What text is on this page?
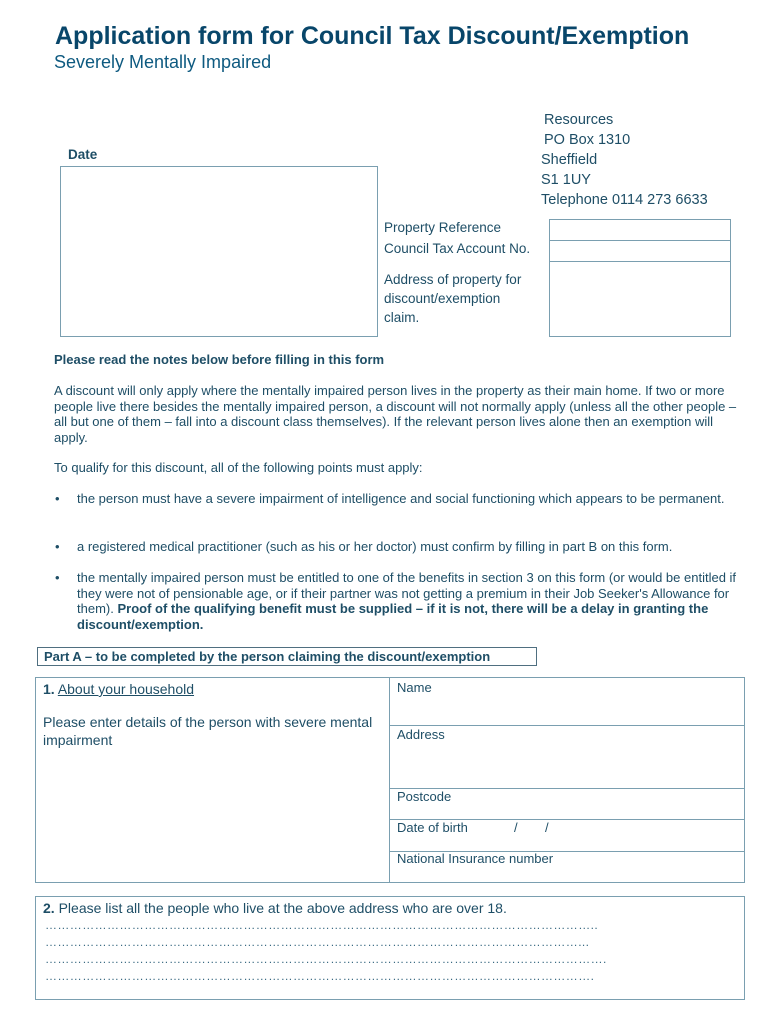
Application form for Council Tax Discount/Exemption
Severely Mentally Impaired
Resources
PO Box 1310
Sheffield
S1 1UY
Telephone 0114 273 6633
Date
Property Reference
Council Tax Account No.
Address of property for
discount/exemption
claim.
Please read the notes below before filling in this form
A discount will only apply where the mentally impaired person lives in the property as their main home. If two or more people live there besides the mentally impaired person, a discount will not normally apply (unless all the other people – all but one of them – fall into a discount class themselves). If the relevant person lives alone then an exemption will apply.
To qualify for this discount, all of the following points must apply:
• the person must have a severe impairment of intelligence and social functioning which appears to be permanent.
• a registered medical practitioner (such as his or her doctor) must confirm by filling in part B on this form.
• the mentally impaired person must be entitled to one of the benefits in section 3 on this form (or would be entitled if they were not of pensionable age, or if their partner was not getting a premium in their Job Seeker's Allowance for them). Proof of the qualifying benefit must be supplied – if it is not, there will be a delay in granting the discount/exemption.
Part A – to be completed by the person claiming the discount/exemption
1. About your household
Please enter details of the person with severe mental impairment
Name
Address
Postcode
Date of birth	/ /
National Insurance number
2. Please list all the people who live at the above address who are over 18.
……………………………………………………………………………………………………………………..
…………………………………………………………………………………………………………………...
……………………………………………………………………………………………………………………….
…………………………………………………………………………………………………………………….
